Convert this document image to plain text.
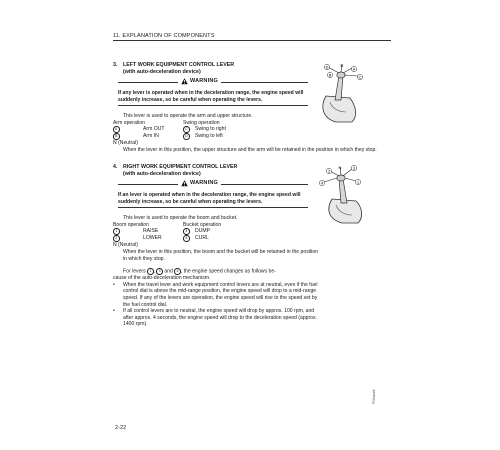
11. EXPLANATION OF COMPONENTS
3. LEFT WORK EQUIPMENT CONTROL LEVER
(with auto-deceleration device)
WARNING
If any lever is operated when in the deceleration range, the engine speed will suddenly increase, so be careful when operating the levers.
This lever is used to operate the arm and upper structure.
Arm operation	Swing operation
A	Arm OUT	C	Swing to right
B	Arm IN	D	Swing to left
N (Neutral)
When the lever in this position, the upper structure and the arm will be retained in the position in which they stop.
D	N
A
B	C
4. RIGHT WORK EQUIPMENT CONTROL LEVER
(with auto-deceleration device)
WARNING
If an lever is operated when in the deceleration range, the engine speed will suddenly increase, so be careful when operating the levers.
This lever is used to operate the boom and bucket.
Boom operation	Bucket operation
1	RAISE	3	DUMP
2	LOWER	4	CURL
N (Neutral)
When the lever in this position, the boom and the bucket will be retained in the position in which they stop.
For levers 1 , 3 and 4 , the engine speed changes as follows be-
cause of the auto-deceleration mechanism.
•	When the travel lever and work equipment control levers are at neutral, even if the fuel control dial is above the mid-range position, the engine speed will drop to a mid-range speed. If any of the levers are operation, the engine speed will rise to the speed set by the fuel control dial.
•	If all control levers are to neutral, the engine speed will drop by approx. 100 rpm, and after approx. 4 seconds, the engine speed will drop to the deceleration speed (approx. 1400 rpm).
2
N	3
4	1
2-22
PC0xxxx6
